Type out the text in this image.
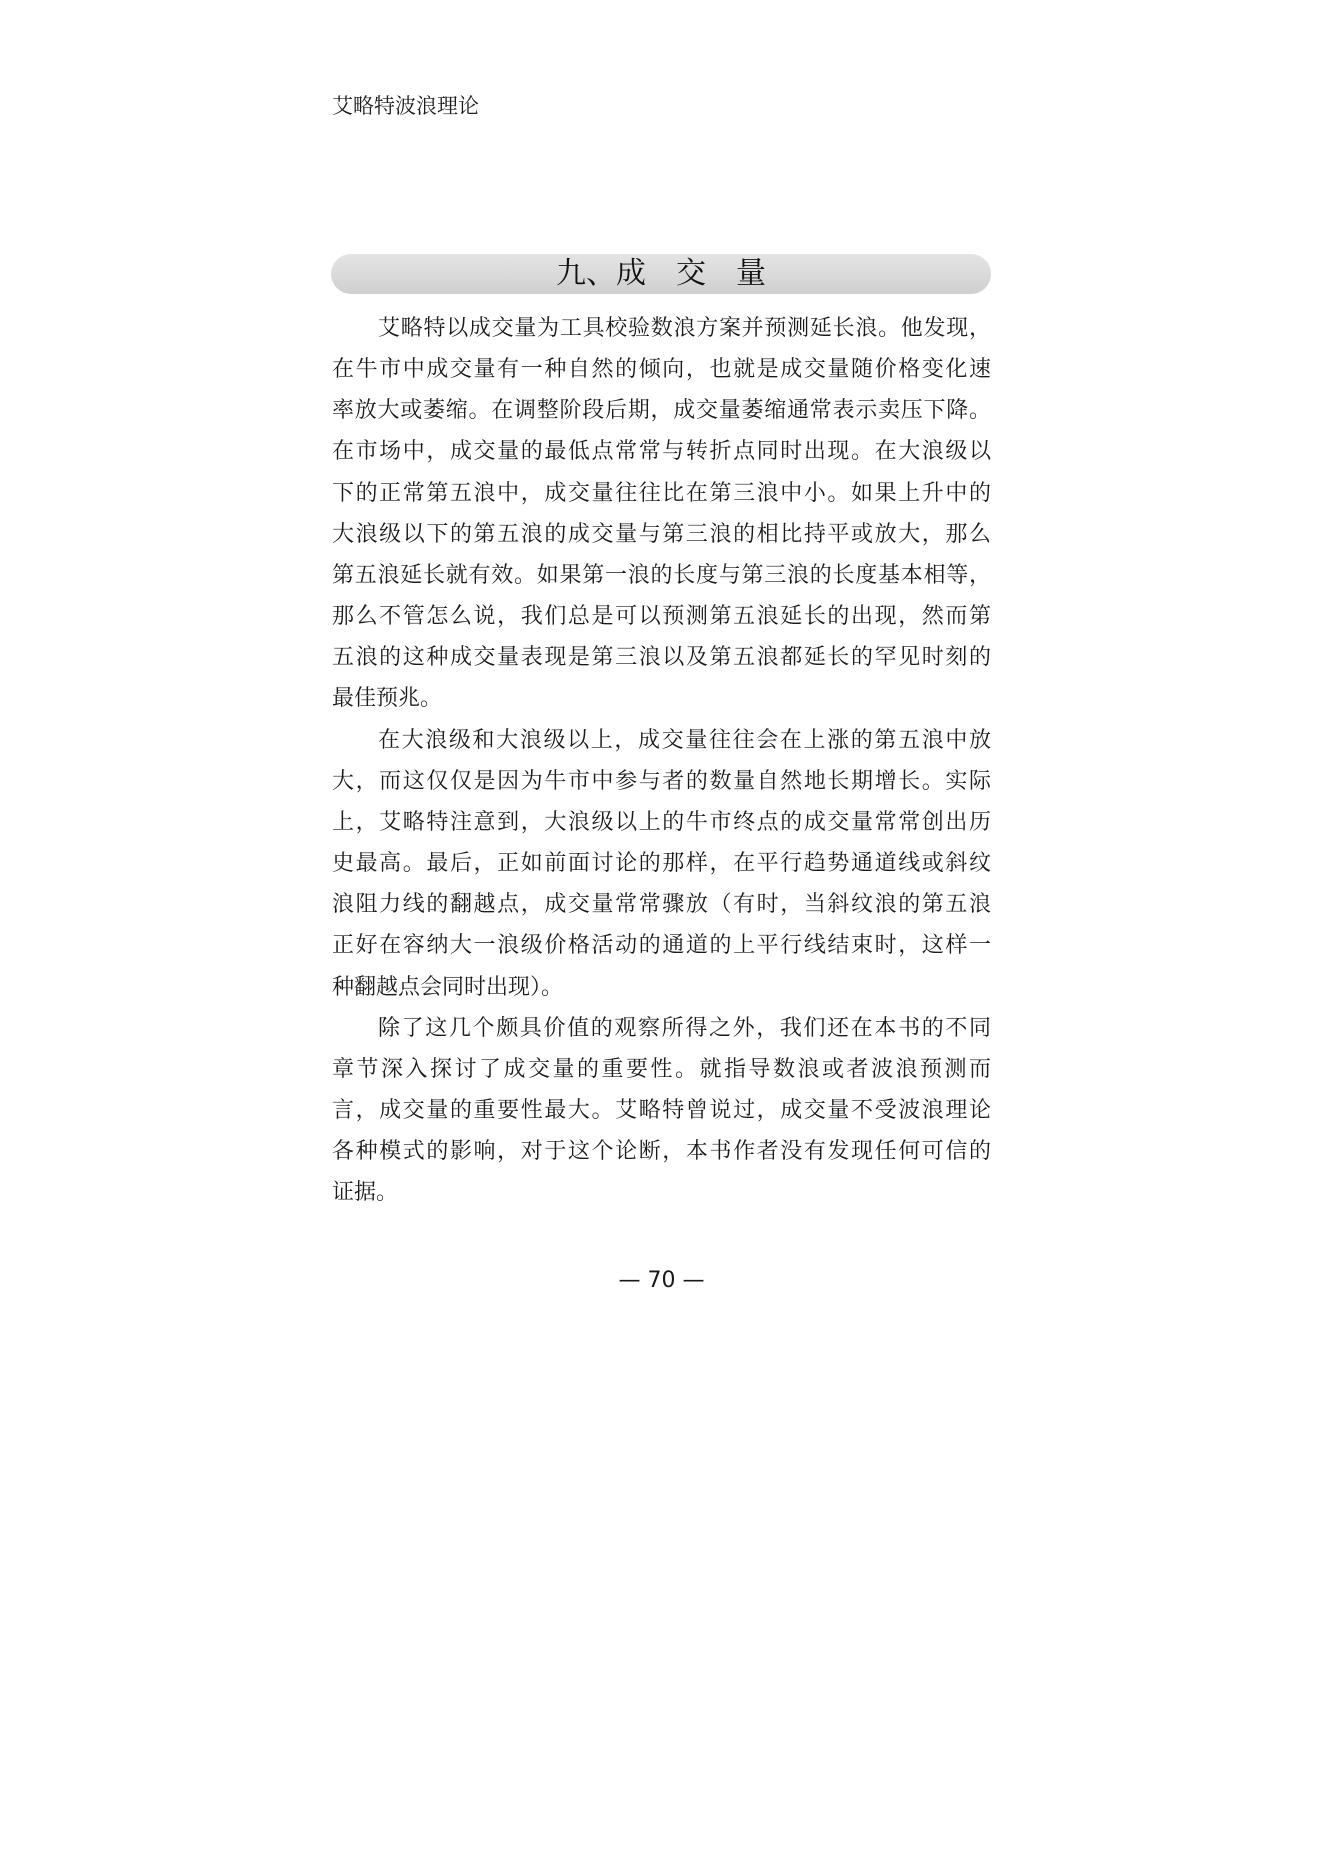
艾略特波浪理论
九、成　交　量
艾略特以成交量为工具校验数浪方案并预测延长浪。他发现，
在牛市中成交量有一种自然的倾向，也就是成交量随价格变化速
率放大或萎缩。在调整阶段后期，成交量萎缩通常表示卖压下降。
在市场中，成交量的最低点常常与转折点同时出现。在大浪级以
下的正常第五浪中，成交量往往比在第三浪中小。如果上升中的
大浪级以下的第五浪的成交量与第三浪的相比持平或放大，那么
第五浪延长就有效。如果第一浪的长度与第三浪的长度基本相等，
那么不管怎么说，我们总是可以预测第五浪延长的出现，然而第
五浪的这种成交量表现是第三浪以及第五浪都延长的罕见时刻的
最佳预兆。
在大浪级和大浪级以上，成交量往往会在上涨的第五浪中放
大，而这仅仅是因为牛市中参与者的数量自然地长期增长。实际
上，艾略特注意到，大浪级以上的牛市终点的成交量常常创出历
史最高。最后，正如前面讨论的那样，在平行趋势通道线或斜纹
浪阻力线的翻越点，成交量常常骤放（有时，当斜纹浪的第五浪
正好在容纳大一浪级价格活动的通道的上平行线结束时，这样一
种翻越点会同时出现）。
除了这几个颇具价值的观察所得之外，我们还在本书的不同
章节深入探讨了成交量的重要性。就指导数浪或者波浪预测而
言，成交量的重要性最大。艾略特曾说过，成交量不受波浪理论
各种模式的影响，对于这个论断，本书作者没有发现任何可信的
证据。
— 70 —
